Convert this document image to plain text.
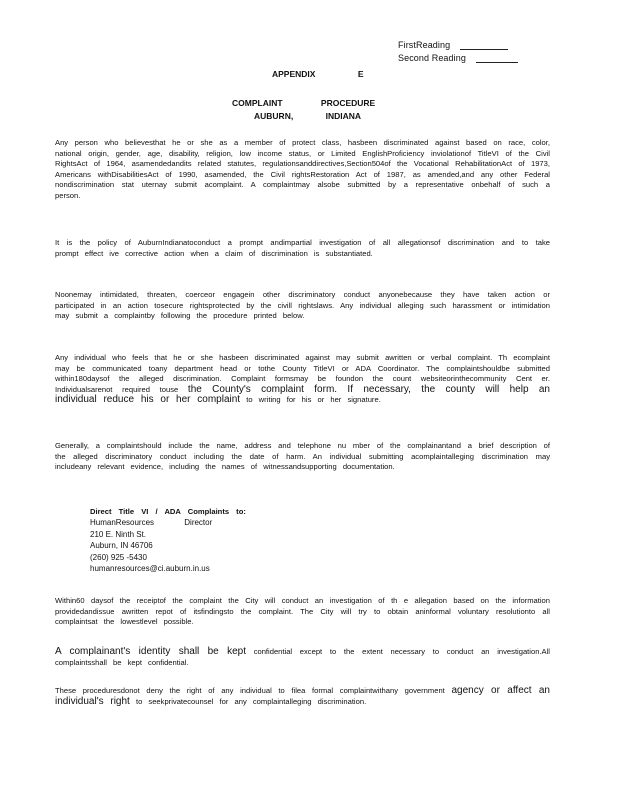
FirstReading
Second Reading
APPENDIX	E
COMPLAINT	PROCEDURE
AUBURN,	INDIANA
Any person who believesthat he or she as a member of protect class, hasbeen discriminated against based on race, color, national origin, gender, age, disability, religion, low income status, or Limited EnglishProficiency inviolationof TitleVI of the Civil RightsAct of 1964, asamendedandits related statutes, regulationsanddirectives,Section504of the Vocational RehabilitationAct of 1973, Americans withDisabilitiesAct of 1990, asamended, the Civil rightsRestoration Act of 1987, as amended,and any other Federal nondiscrimination stat uternay submit acomplaint. A complaintmay alsobe submitted by a representative onbehalf of such a person.
It is the policy of AuburnIndianatoconduct a prompt andimpartial investigation of all allegationsof discrimination and to take prompt effect ive corrective action when a claim of discrimination is substantiated.
Noonemay intimidated, threaten, coerceor engagein other discriminatory conduct anyonebecause they have taken action or participated in an action tosecure rightsprotected by the civill rightslaws. Any individual alleging such harassment or intimidation may submit a complaintby following the procedure printed below.
Any individual who feels that he or she hasbeen discriminated against may submit awritten or verbal complaint. Th ecomplaint may be communicated toany department head or tothe County TitleVI or ADA Coordinator. The complaintshouldbe submitted within180daysof the alleged discrimination. Complaint formsmay be foundon the count websiteorinthecommunity Cent er. Individualsarenot required touse the County's complaint form. If necessary, the county will help an individual reduce his or her complaint to writing for his or her signature.
Generally, a complaintshould include the name, address and telephone nu mber of the complainantand a brief description of the alleged discriminatory conduct including the date of harm. An individual submitting acomplaintalleging discrimination may includeany relevant evidence, including the names of witnessandsupporting documentation.
Direct Title VI / ADA Complaints to:
HumanResources	Director
210 E. Ninth St.
Auburn, IN 46706
(260) 925 -5430
humanresources@ci.auburn.in.us
Within60 daysof the receiptof the complaint the City will conduct an investigation of th e allegation based on the information providedandissue awritten repot of itsfindingsto the complaint. The City will try to obtain aninformal voluntary resolutionto all complaintsat the lowestlevel possible.
A complainant's identity shall be kept confidential except to the extent necessary to conduct an investigation.All complaintsshall be kept confidential.
These proceduresdonot deny the right of any individual to filea formal complaintwithany government agency or affect an individual's right to seekprivatecounsel for any complaintalleging discrimination.
